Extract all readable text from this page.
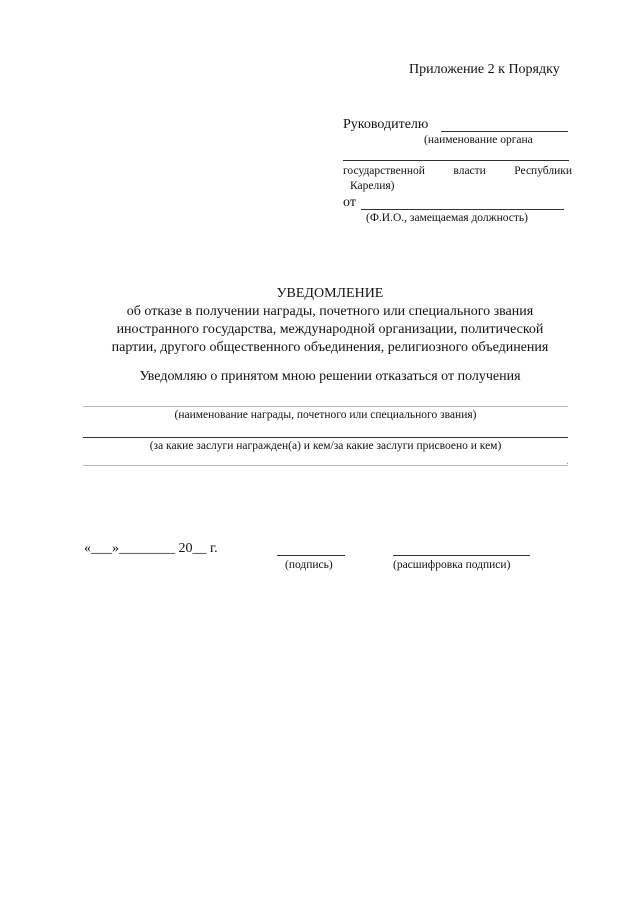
Приложение 2 к Порядку
Руководителю
(наименование органа
государственной власти Республики
Карелия)
от
(Ф.И.О., замещаемая должность)
УВЕДОМЛЕНИЕ
об отказе в получении награды, почетного или специального звания
иностранного государства, международной организации, политической
партии, другого общественного объединения, религиозного объединения
Уведомляю о принятом мною решении отказаться от получения
(наименование награды, почетного или специального звания)
(за какие заслуги награжден(а) и кем/за какие заслуги присвоено и кем)
.
«___»________ 20__ г.
(подпись)	(расшифровка подписи)
